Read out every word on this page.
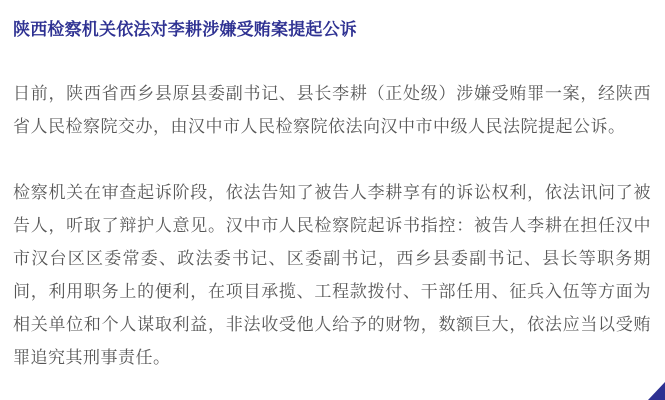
陕西检察机关依法对李耕涉嫌受贿案提起公诉

日前，陕西省西乡县原县委副书记、县长李耕（正处级）涉嫌受贿罪一案，经陕西省人民检察院交办，由汉中市人民检察院依法向汉中市中级人民法院提起公诉。

检察机关在审查起诉阶段，依法告知了被告人李耕享有的诉讼权利，依法讯问了被告人，听取了辩护人意见。汉中市人民检察院起诉书指控：被告人李耕在担任汉中市汉台区区委常委、政法委书记、区委副书记，西乡县委副书记、县长等职务期间，利用职务上的便利，在项目承揽、工程款拨付、干部任用、征兵入伍等方面为相关单位和个人谋取利益，非法收受他人给予的财物，数额巨大，依法应当以受贿罪追究其刑事责任。
